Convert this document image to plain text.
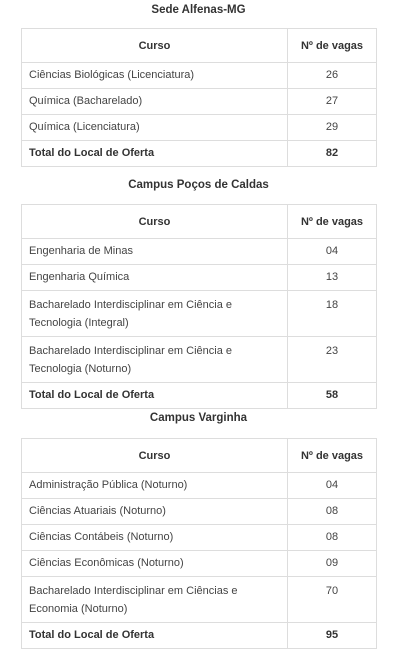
Sede Alfenas-MG
Curso	Nº de vagas
Ciências Biológicas (Licenciatura)	26
Química (Bacharelado)	27
Química (Licenciatura)	29
Total do Local de Oferta	82
Campus Poços de Caldas
Curso	Nº de vagas
Engenharia de Minas	04
Engenharia Química	13
Bacharelado Interdisciplinar em Ciência e Tecnologia (Integral)	18
Bacharelado Interdisciplinar em Ciência e Tecnologia (Noturno)	23
Total do Local de Oferta	58
Campus Varginha
Curso	Nº de vagas
Administração Pública (Noturno)	04
Ciências Atuariais (Noturno)	08
Ciências Contábeis (Noturno)	08
Ciências Econômicas (Noturno)	09
Bacharelado Interdisciplinar em Ciências e Economia (Noturno)	70
Total do Local de Oferta	95
